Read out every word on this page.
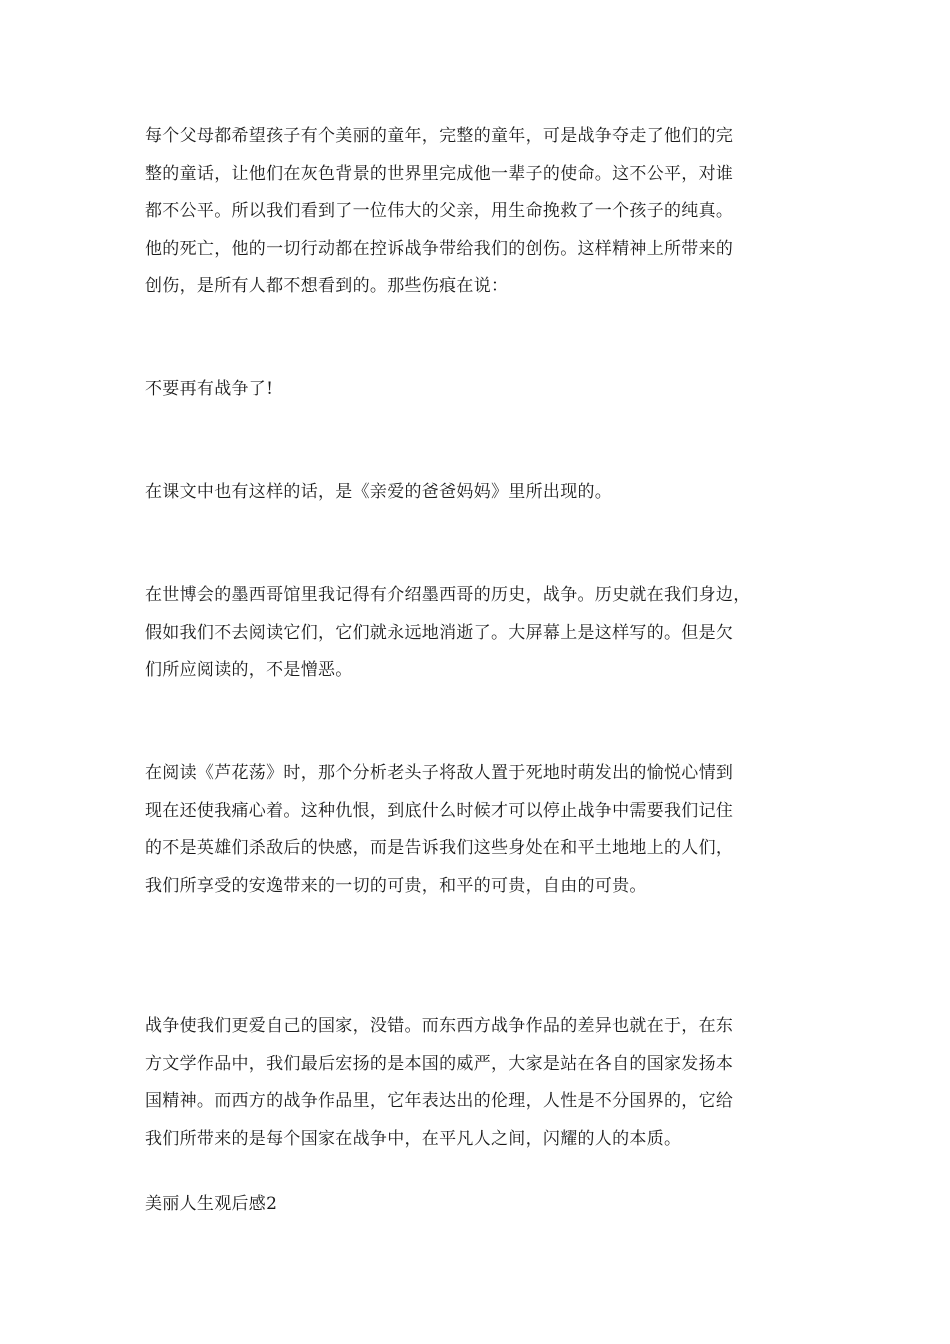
每个父母都希望孩子有个美丽的童年，完整的童年，可是战争夺走了他们的完
整的童话，让他们在灰色背景的世界里完成他一辈子的使命。这不公平，对谁
都不公平。所以我们看到了一位伟大的父亲，用生命挽救了一个孩子的纯真。
他的死亡，他的一切行动都在控诉战争带给我们的创伤。这样精神上所带来的
创伤，是所有人都不想看到的。那些伤痕在说：
不要再有战争了!
在课文中也有这样的话，是《亲爱的爸爸妈妈》里所出现的。
在世博会的墨西哥馆里我记得有介绍墨西哥的历史，战争。历史就在我们身边，
假如我们不去阅读它们，它们就永远地消逝了。大屏幕上是这样写的。但是欠
们所应阅读的，不是憎恶。
在阅读《芦花荡》时，那个分析老头子将敌人置于死地时萌发出的愉悦心情到
现在还使我痛心着。这种仇恨，到底什么时候才可以停止战争中需要我们记住
的不是英雄们杀敌后的快感，而是告诉我们这些身处在和平土地地上的人们，
我们所享受的安逸带来的一切的可贵，和平的可贵，自由的可贵。
战争使我们更爱自己的国家，没错。而东西方战争作品的差异也就在于，在东
方文学作品中，我们最后宏扬的是本国的威严，大家是站在各自的国家发扬本
国精神。而西方的战争作品里，它年表达出的伦理，人性是不分国界的，它给
我们所带来的是每个国家在战争中，在平凡人之间，闪耀的人的本质。
美丽人生观后感2
